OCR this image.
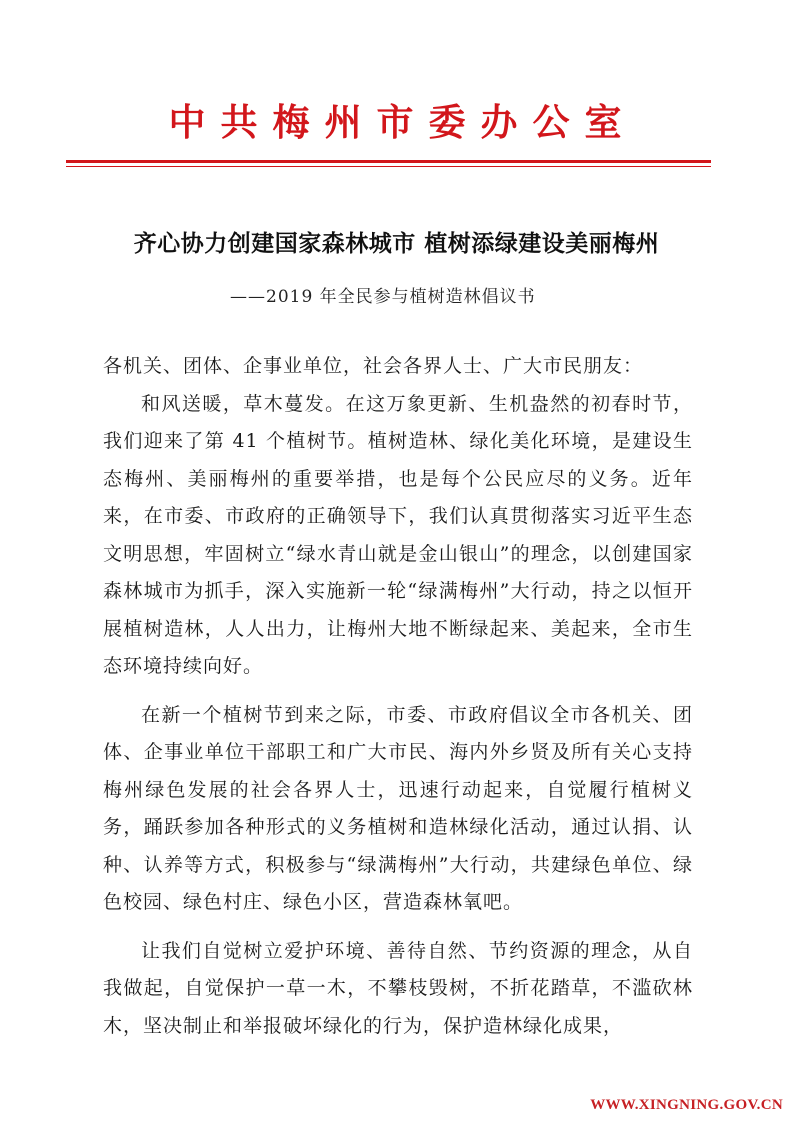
中共梅州市委办公室
齐心协力创建国家森林城市 植树添绿建设美丽梅州
——2019 年全民参与植树造林倡议书

各机关、团体、企事业单位，社会各界人士、广大市民朋友：

和风送暖，草木蔓发。在这万象更新、生机盎然的初春时节，我们迎来了第 41 个植树节。植树造林、绿化美化环境，是建设生态梅州、美丽梅州的重要举措，也是每个公民应尽的义务。近年来，在市委、市政府的正确领导下，我们认真贯彻落实习近平生态文明思想，牢固树立“绿水青山就是金山银山”的理念，以创建国家森林城市为抓手，深入实施新一轮“绿满梅州”大行动，持之以恒开展植树造林，人人出力，让梅州大地不断绿起来、美起来，全市生态环境持续向好。

在新一个植树节到来之际，市委、市政府倡议全市各机关、团体、企事业单位干部职工和广大市民、海内外乡贤及所有关心支持梅州绿色发展的社会各界人士，迅速行动起来，自觉履行植树义务，踊跃参加各种形式的义务植树和造林绿化活动，通过认捐、认种、认养等方式，积极参与“绿满梅州”大行动，共建绿色单位、绿色校园、绿色村庄、绿色小区，营造森林氧吧。

让我们自觉树立爱护环境、善待自然、节约资源的理念，从自我做起，自觉保护一草一木，不攀枝毁树，不折花踏草，不滥砍林木，坚决制止和举报破坏绿化的行为，保护造林绿化成果，

WWW.XINGNING.GOV.CN
